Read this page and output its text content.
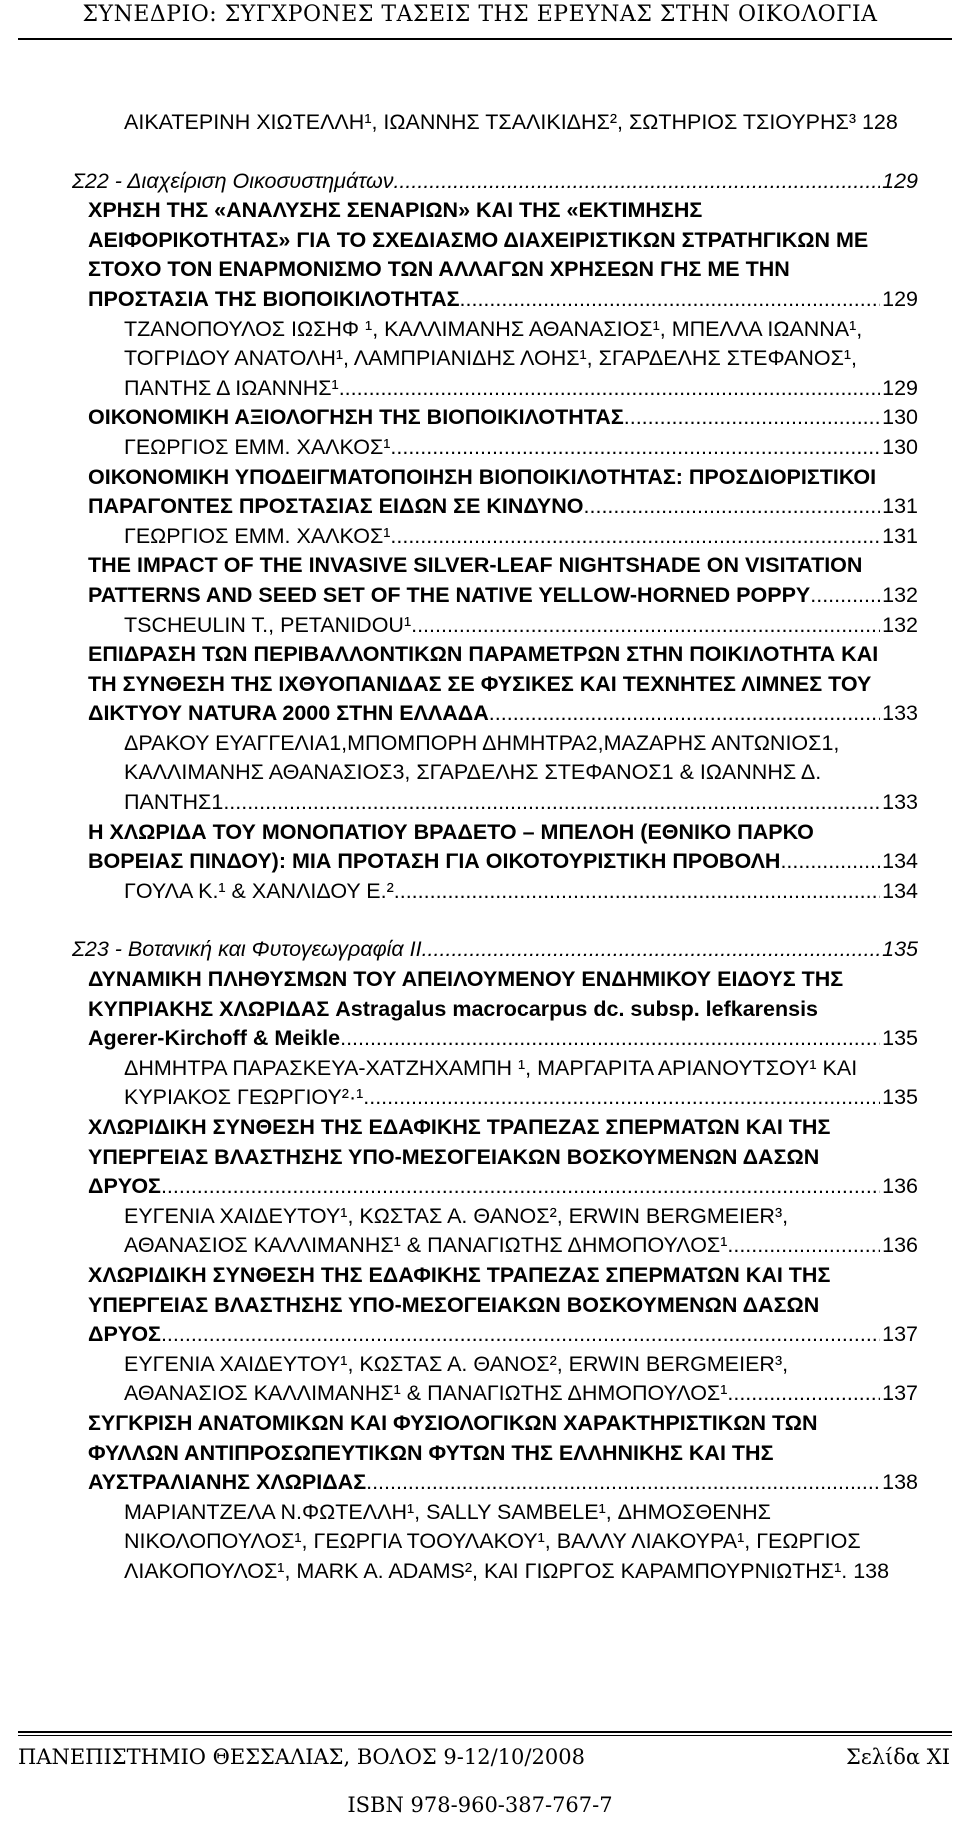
ΣΥΝΕΔΡΙΟ: ΣΥΓΧΡΟΝΕΣ ΤΑΣΕΙΣ ΤΗΣ ΕΡΕΥΝΑΣ ΣΤΗΝ ΟΙΚΟΛΟΓΙΑ
ΑΙΚΑΤΕΡΙΝΗ ΧΙΩΤΕΛΛΗ¹, ΙΩΑΝΝΗΣ ΤΣΑΛΙΚΙΔΗΣ², ΣΩΤΗΡΙΟΣ ΤΣΙΟΥΡΗΣ³ 128
Σ22 - Διαχείριση Οικοσυστημάτων .....	129
ΧΡΗΣΗ ΤΗΣ «ΑΝΑΛΥΣΗΣ ΣΕΝΑΡΙΩΝ» ΚΑΙ ΤΗΣ «ΕΚΤΙΜΗΣΗΣ
ΑΕΙΦΟΡΙΚΟΤΗΤΑΣ» ΓΙΑ ΤΟ ΣΧΕΔΙΑΣΜΟ ΔΙΑΧΕΙΡΙΣΤΙΚΩΝ ΣΤΡΑΤΗΓΙΚΩΝ ΜΕ
ΣΤΟΧΟ ΤΟΝ ΕΝΑΡΜΟΝΙΣΜΟ ΤΩΝ ΑΛΛΑΓΩΝ ΧΡΗΣΕΩΝ ΓΗΣ ΜΕ ΤΗΝ
ΠΡΟΣΤΑΣΙΑ ΤΗΣ ΒΙΟΠΟΙΚΙΛΟΤΗΤΑΣ .....	129
ΤΖΑΝΟΠΟΥΛΟΣ ΙΩΣΗΦ ¹, ΚΑΛΛΙΜΑΝΗΣ ΑΘΑΝΑΣΙΟΣ¹, ΜΠΕΛΛΑ ΙΩΑΝΝΑ¹,
ΤΟΓΡΙΔΟΥ ΑΝΑΤΟΛΗ¹, ΛΑΜΠΡΙΑΝΙΔΗΣ ΛΟΗΣ¹, ΣΓΑΡΔΕΛΗΣ ΣΤΕΦΑΝΟΣ¹,
ΠΑΝΤΗΣ Δ ΙΩΑΝΝΗΣ¹ .....	129
ΟΙΚΟΝΟΜΙΚΗ ΑΞΙΟΛΟΓΗΣΗ ΤΗΣ ΒΙΟΠΟΙΚΙΛΟΤΗΤΑΣ .....	130
ΓΕΩΡΓΙΟΣ ΕΜΜ. ΧΑΛΚΟΣ¹ .....	130
ΟΙΚΟΝΟΜΙΚΗ ΥΠΟΔΕΙΓΜΑΤΟΠΟΙΗΣΗ ΒΙΟΠΟΙΚΙΛΟΤΗΤΑΣ: ΠΡΟΣΔΙΟΡΙΣΤΙΚΟΙ
ΠΑΡΑΓΟΝΤΕΣ ΠΡΟΣΤΑΣΙΑΣ ΕΙΔΩΝ ΣΕ ΚΙΝΔΥΝΟ .....	131
ΓΕΩΡΓΙΟΣ ΕΜΜ. ΧΑΛΚΟΣ¹ .....	131
THE IMPACT OF THE INVASIVE SILVER-LEAF NIGHTSHADE ON VISITATION
PATTERNS AND SEED SET OF THE NATIVE YELLOW-HORNED POPPY .....	132
TSCHEULIN T., PETANIDOU¹ .....	132
ΕΠΙΔΡΑΣΗ ΤΩΝ ΠΕΡΙΒΑΛΛΟΝΤΙΚΩΝ ΠΑΡΑΜΕΤΡΩΝ ΣΤΗΝ ΠΟΙΚΙΛΟΤΗΤΑ ΚΑΙ
ΤΗ ΣΥΝΘΕΣΗ ΤΗΣ ΙΧΘΥΟΠΑΝΙΔΑΣ ΣΕ ΦΥΣΙΚΕΣ ΚΑΙ ΤΕΧΝΗΤΕΣ ΛΙΜΝΕΣ ΤΟΥ
ΔΙΚΤΥΟΥ NATURA 2000 ΣΤΗΝ ΕΛΛΑΔΑ .....	133
ΔΡΑΚΟΥ ΕΥΑΓΓΕΛΙΑ1,ΜΠΟΜΠΟΡΗ ΔΗΜΗΤΡΑ2,ΜΑΖΑΡΗΣ ΑΝΤΩΝΙΟΣ1,
ΚΑΛΛΙΜΑΝΗΣ ΑΘΑΝΑΣΙΟΣ3, ΣΓΑΡΔΕΛΗΣ ΣΤΕΦΑΝΟΣ1 & ΙΩΑΝΝΗΣ Δ.
ΠΑΝΤΗΣ1 .....	133
Η ΧΛΩΡΙΔΑ ΤΟΥ ΜΟΝΟΠΑΤΙΟΥ ΒΡΑΔΕΤΟ – ΜΠΕΛΟΗ (ΕΘΝΙΚΟ ΠΑΡΚΟ
ΒΟΡΕΙΑΣ ΠΙΝΔΟΥ): ΜΙΑ ΠΡΟΤΑΣΗ ΓΙΑ ΟΙΚΟΤΟΥΡΙΣΤΙΚΗ ΠΡΟΒΟΛΗ .....	134
ΓΟΥΛΑ Κ.¹ & ΧΑΝΛΙΔΟΥ Ε.² .....	134
Σ23 - Βοτανική και Φυτογεωγραφία ΙΙ .....	135
ΔΥΝΑΜΙΚΗ ΠΛΗΘΥΣΜΩΝ ΤΟΥ ΑΠΕΙΛΟΥΜΕΝΟΥ ΕΝΔΗΜΙΚΟΥ ΕΙΔΟΥΣ ΤΗΣ
ΚΥΠΡΙΑΚΗΣ ΧΛΩΡΙΔΑΣ Astragalus macrocarpus dc. subsp. lefkarensis
Agerer-Kirchoff & Meikle .....	135
ΔΗΜΗΤΡΑ ΠΑΡΑΣΚΕΥΑ-ΧΑΤΖΗΧΑΜΠΗ ¹, ΜΑΡΓΑΡΙΤΑ ΑΡΙΑΝΟΥΤΣΟΥ¹ ΚΑΙ
ΚΥΡΙΑΚΟΣ ΓΕΩΡΓΙΟΥ²·¹ .....	135
ΧΛΩΡΙΔΙΚΗ ΣΥΝΘΕΣΗ ΤΗΣ ΕΔΑΦΙΚΗΣ ΤΡΑΠΕΖΑΣ ΣΠΕΡΜΑΤΩΝ ΚΑΙ ΤΗΣ
ΥΠΕΡΓΕΙΑΣ ΒΛΑΣΤΗΣΗΣ ΥΠΟ-ΜΕΣΟΓΕΙΑΚΩΝ ΒΟΣΚΟΥΜΕΝΩΝ ΔΑΣΩΝ
ΔΡΥΟΣ .....	136
ΕΥΓΕΝΙΑ ΧΑΙΔΕΥΤΟΥ¹, ΚΩΣΤΑΣ Α. ΘΑΝΟΣ², ERWIN BERGMEIER³,
ΑΘΑΝΑΣΙΟΣ ΚΑΛΛΙΜΑΝΗΣ¹ & ΠΑΝΑΓΙΩΤΗΣ ΔΗΜΟΠΟΥΛΟΣ¹ .....	136
ΧΛΩΡΙΔΙΚΗ ΣΥΝΘΕΣΗ ΤΗΣ ΕΔΑΦΙΚΗΣ ΤΡΑΠΕΖΑΣ ΣΠΕΡΜΑΤΩΝ ΚΑΙ ΤΗΣ
ΥΠΕΡΓΕΙΑΣ ΒΛΑΣΤΗΣΗΣ ΥΠΟ-ΜΕΣΟΓΕΙΑΚΩΝ ΒΟΣΚΟΥΜΕΝΩΝ ΔΑΣΩΝ
ΔΡΥΟΣ .....	137
ΕΥΓΕΝΙΑ ΧΑΙΔΕΥΤΟΥ¹, ΚΩΣΤΑΣ Α. ΘΑΝΟΣ², ERWIN BERGMEIER³,
ΑΘΑΝΑΣΙΟΣ ΚΑΛΛΙΜΑΝΗΣ¹ & ΠΑΝΑΓΙΩΤΗΣ ΔΗΜΟΠΟΥΛΟΣ¹ .....	137
ΣΥΓΚΡΙΣΗ ΑΝΑΤΟΜΙΚΩΝ ΚΑΙ ΦΥΣΙΟΛΟΓΙΚΩΝ ΧΑΡΑΚΤΗΡΙΣΤΙΚΩΝ ΤΩΝ
ΦΥΛΛΩΝ ΑΝΤΙΠΡΟΣΩΠΕΥΤΙΚΩΝ ΦΥΤΩΝ ΤΗΣ ΕΛΛΗΝΙΚΗΣ ΚΑΙ ΤΗΣ
ΑΥΣΤΡΑΛΙΑΝΗΣ ΧΛΩΡΙΔΑΣ .....	138
ΜΑΡΙΑΝΤΖΕΛΑ Ν.ΦΩΤΕΛΛΗ¹, SALLY SAMBELE¹, ΔΗΜΟΣΘΕΝΗΣ
ΝΙΚΟΛΟΠΟΥΛΟΣ¹, ΓΕΩΡΓΙΑ ΤΟΟΥΛΑΚΟΥ¹, ΒΑΛΛΥ ΛΙΑΚΟΥΡΑ¹, ΓΕΩΡΓΙΟΣ
ΛΙΑΚΟΠΟΥΛΟΣ¹, MARK A. ADAMS², ΚΑΙ ΓΙΩΡΓΟΣ ΚΑΡΑΜΠΟΥΡΝΙΩΤΗΣ¹. 138
ΠΑΝΕΠΙΣΤΗΜΙΟ ΘΕΣΣΑΛΙΑΣ, ΒΟΛΟΣ 9-12/10/2008	Σελίδα XI
ISBN 978-960-387-767-7
